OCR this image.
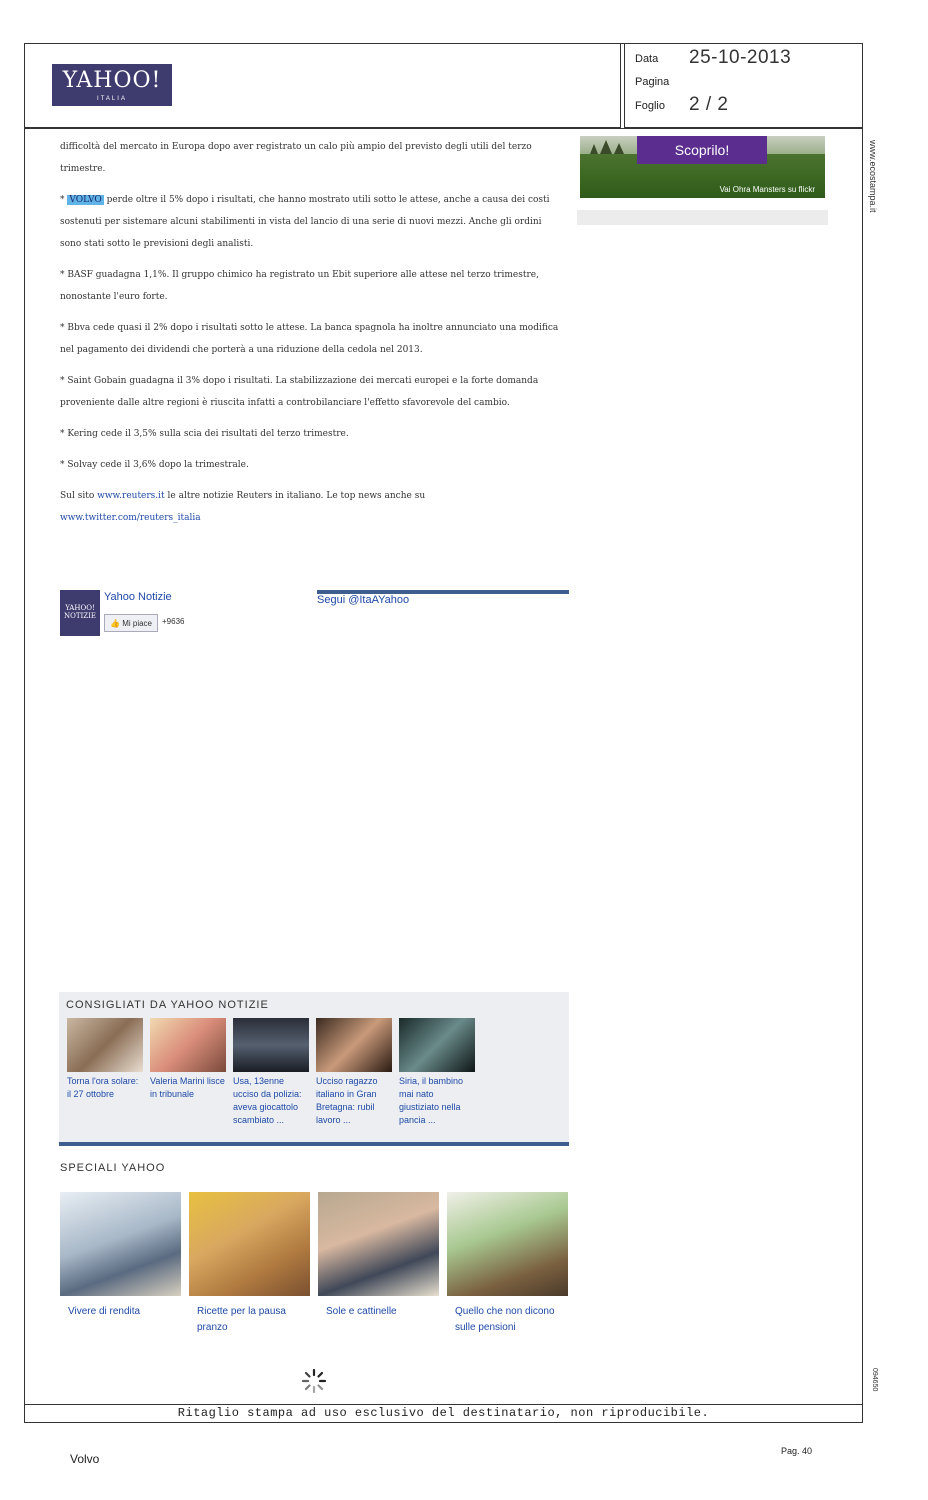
YAHOO!
ITALIA
Data 25-10-2013
Pagina
Foglio 2 / 2

difficoltà del mercato in Europa dopo aver registrato un calo più ampio del previsto degli utili del terzo trimestre.

* VOLVO perde oltre il 5% dopo i risultati, che hanno mostrato utili sotto le attese, anche a causa dei costi sostenuti per sistemare alcuni stabilimenti in vista del lancio di una serie di nuovi mezzi. Anche gli ordini sono stati sotto le previsioni degli analisti.

* BASF guadagna 1,1%. Il gruppo chimico ha registrato un Ebit superiore alle attese nel terzo trimestre, nonostante l'euro forte.

* Bbva cede quasi il 2% dopo i risultati sotto le attese. La banca spagnola ha inoltre annunciato una modifica nel pagamento dei dividendi che porterà a una riduzione della cedola nel 2013.

* Saint Gobain guadagna il 3% dopo i risultati. La stabilizzazione dei mercati europei e la forte domanda proveniente dalle altre regioni è riuscita infatti a controbilanciare l'effetto sfavorevole del cambio.

* Kering cede il 3,5% sulla scia dei risultati del terzo trimestre.

* Solvay cede il 3,6% dopo la trimestrale.

Sul sito www.reuters.it le altre notizie Reuters in italiano. Le top news anche su www.twitter.com/reuters_italia

Scoprilo!
Vai Ohra Mansters su flickr	www.ecostampa.it
094650
YAHOO! NOTIZIE
Yahoo Notizie
👍 Mi piace	+9636
Segui @ItaAYahoo
CONSIGLIATI DA YAHOO NOTIZIE
Torna l'ora solare: il 27 ottobre
Valeria Marini lisce in tribunale
Usa, 13enne ucciso da polizia: aveva giocattolo scambiato ...
Ucciso ragazzo italiano in Gran Bretagna: rubil lavoro ...
Siria, il bambino mai nato giustiziato nella pancia ...
SPECIALI YAHOO
Vivere di rendita	Ricette per la pausa pranzo
Sole e cattinelle	Quello che non dicono sulle pensioni
Ritaglio stampa ad uso esclusivo del destinatario, non riproducibile.
Volvo
Pag. 40
